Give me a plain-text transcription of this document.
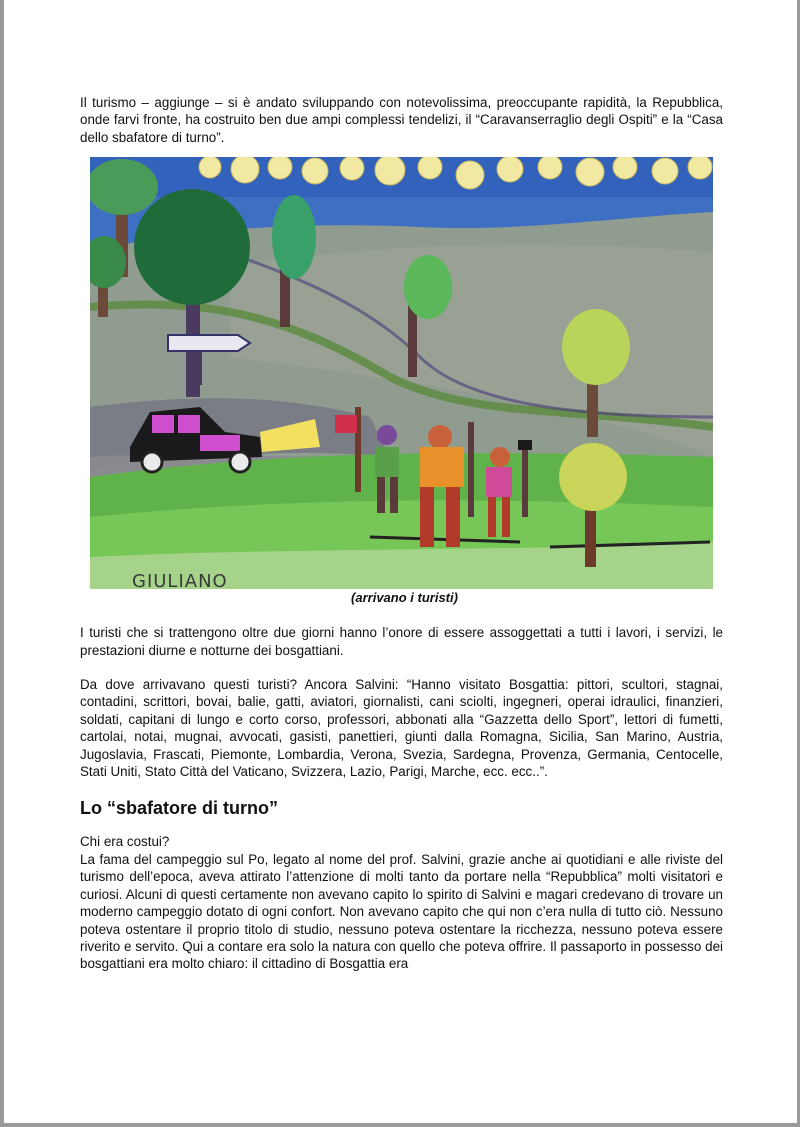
Il turismo – aggiunge – si è andato sviluppando con notevolissima, preoccupante rapidità, la Repubblica, onde farvi fronte, ha costruito ben due ampi complessi tendelizi, il “Caravanserraglio degli Ospiti” e la “Casa dello sbafatore di turno”.

GIULIANO
(arrivano i turisti)

I turisti che si trattengono oltre due giorni hanno l’onore di essere assoggettati a tutti i lavori, i servizi, le prestazioni diurne e notturne dei bosgattiani.

Da dove arrivavano questi turisti? Ancora Salvini: “Hanno visitato Bosgattia: pittori, scultori, stagnai, contadini, scrittori, bovai, balie, gatti, aviatori, giornalisti, cani sciolti, ingegneri, operai idraulici, finanzieri, soldati, capitani di lungo e corto corso, professori, abbonati alla “Gazzetta dello Sport”, lettori di fumetti, cartolai, notai, mugnai, avvocati, gasisti, panettieri, giunti dalla Romagna, Sicilia, San Marino, Austria, Jugoslavia, Frascati, Piemonte, Lombardia, Verona, Svezia, Sardegna, Provenza, Germania, Centocelle, Stati Uniti, Stato Città del Vaticano, Svizzera, Lazio, Parigi, Marche, ecc. ecc..”.

Lo “sbafatore di turno”

Chi era costui?

La fama del campeggio sul Po, legato al nome del prof. Salvini, grazie anche ai quotidiani e alle riviste del turismo dell’epoca, aveva attirato l’attenzione di molti tanto da portare nella “Repubblica” molti visitatori e curiosi. Alcuni di questi certamente non avevano capito lo spirito di Salvini e magari credevano di trovare un moderno campeggio dotato di ogni confort. Non avevano capito che qui non c’era nulla di tutto ciò. Nessuno poteva ostentare il proprio titolo di studio, nessuno poteva ostentare la ricchezza, nessuno poteva essere riverito e servito. Qui a contare era solo la natura con quello che poteva offrire. Il passaporto in possesso dei bosgattiani era molto chiaro: il cittadino di Bosgattia era
